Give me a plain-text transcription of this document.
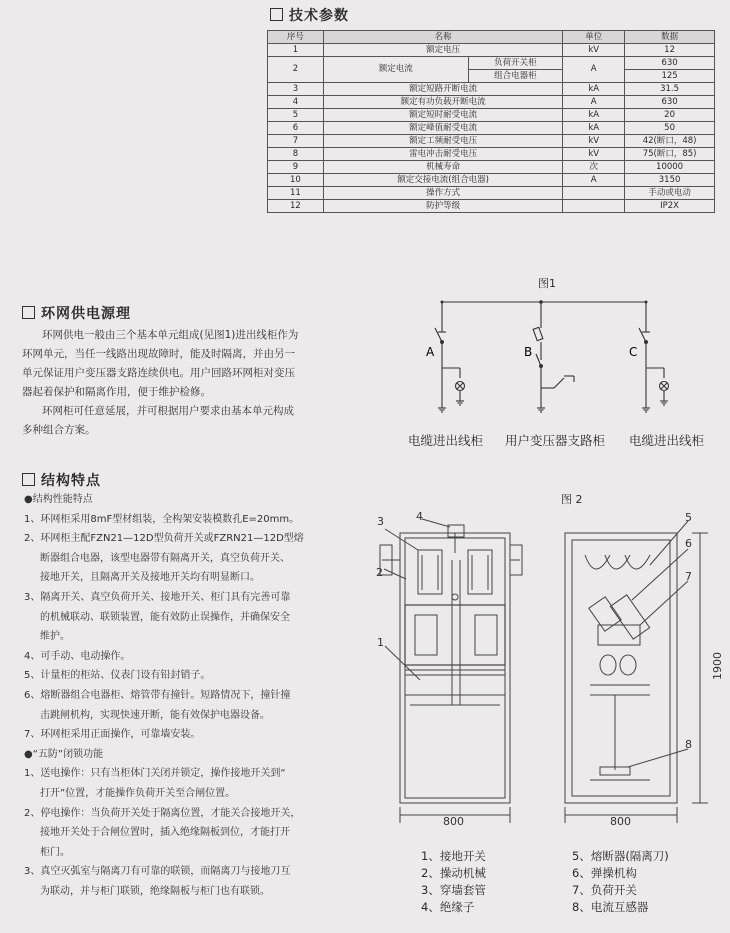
技术参数
序号	名称		单位	数据
1	额定电压		kV	12
2	额定电流	负荷开关柜	A	630
		组合电器柜		125
3	额定短路开断电流		kA	31.5
4	额定有功负载开断电流		A	630
5	额定短时耐受电流		kA	20
6	额定峰值耐受电流		kA	50
7	额定工频耐受电压		kV	42(断口，48)
8	雷电冲击耐受电压		kV	75(断口，85)
9	机械寿命		次	10000
10	额定交接电流(组合电器)		A	3150
11	操作方式			手动或电动
12	防护等级			IP2X
环网供电源理
环网供电一般由三个基本单元组成(见图1)进出线柜作为
环网单元，当任一线路出现故障时，能及时隔离，并由另一
单元保证用户变压器支路连续供电。用户回路环网柜对变压
器起着保护和隔离作用，便于维护检修。
环网柜可任意延展，并可根据用户要求由基本单元构成
多种组合方案。
图1
A	B	C
电缆进出线柜 用户变压器支路柜 电缆进出线柜
结构特点
●结构性能特点
1、环网柜采用8mF型材组装，全构架安装模数孔E=20mm。
2、环网柜主配FZN21—12D型负荷开关或FZRN21—12D型熔
断器组合电器，该型电器带有隔离开关，真空负荷开关、
接地开关，且隔离开关及接地开关均有明显断口。
3、隔离开关、真空负荷开关、接地开关、柜门具有完善可靠
的机械联动、联锁装置，能有效防止误操作，并确保安全
维护。
4、可手动、电动操作。
5、计量柜的柜站、仪表门设有铅封销子。
6、熔断器组合电器柜、熔管带有撞针。短路情况下，撞针撞
击跳闸机构，实现快速开断，能有效保护电器设备。
7、环网柜采用正面操作，可靠墙安装。
●“五防”闭锁功能
1、送电操作：只有当柜体门关闭并锁定，操作接地开关到“
打开”位置，才能操作负荷开关至合闸位置。
2、停电操作：当负荷开关处于隔离位置，才能关合接地开关，
接地开关处于合闸位置时，插入绝缘隔板到位，才能打开
柜门。
3、真空灭弧室与隔离刀有可靠的联锁，而隔离刀与接地刀互
为联动，并与柜门联锁，绝缘隔板与柜门也有联锁。
图 2
800	800
1900
1
2
3	4	5
6
7
8
1、接地开关
2、操动机械
3、穿墙套管
4、绝缘子
5、熔断器(隔离刀)
6、弹操机构
7、负荷开关
8、电流互感器
